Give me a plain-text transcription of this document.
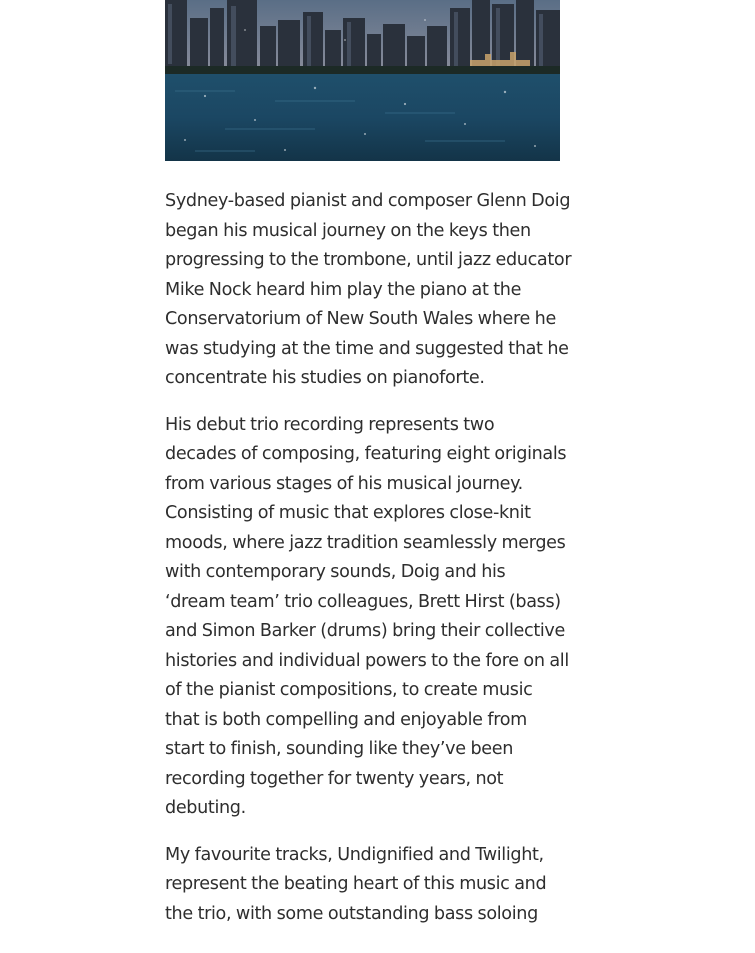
Sydney-based pianist and composer Glenn Doig began his musical journey on the keys then progressing to the trombone, until jazz educator Mike Nock heard him play the piano at the Conservatorium of New South Wales where he was studying at the time and suggested that he concentrate his studies on pianoforte.

His debut trio recording represents two decades of composing, featuring eight originals from various stages of his musical journey. Consisting of music that explores close-knit moods, where jazz tradition seamlessly merges with contemporary sounds, Doig and his ‘dream team’ trio colleagues, Brett Hirst (bass) and Simon Barker (drums) bring their collective histories and individual powers to the fore on all of the pianist compositions, to create music that is both compelling and enjoyable from start to finish, sounding like they’ve been recording together for twenty years, not debuting.

My favourite tracks, Undignified and Twilight, represent the beating heart of this music and the trio, with some outstanding bass soloing
